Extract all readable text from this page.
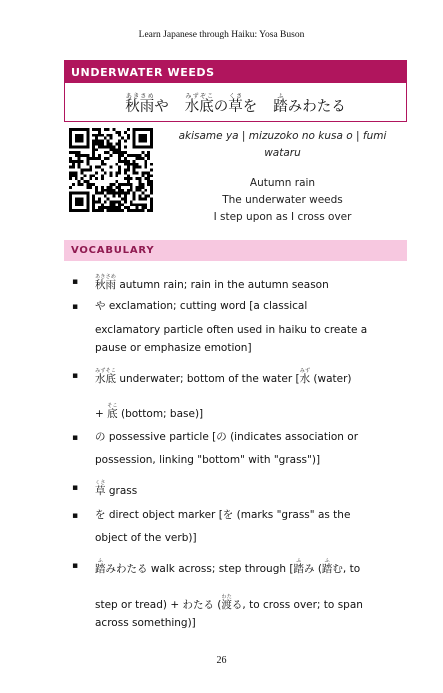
Learn Japanese through Haiku: Yosa Buson
UNDERWATER WEEDS
秋雨あきさめや 水底みずぞこの草くさを 踏ふみわたる
akisame ya | mizuzoko no kusa o | fumi
wataru
Autumn rain
The underwater weeds
I step upon as I cross over
VOCABULARY
▪ 秋雨あきさめ autumn rain; rain in the autumn season
▪ や exclamation; cutting word [a classical
exclamatory particle often used in haiku to create a
pause or emphasize emotion]
▪ 水底みずそこ underwater; bottom of the water [水みず (water)
+ 底そこ (bottom; base)]
▪ の possessive particle [の (indicates association or
possession, linking "bottom" with "grass")]
▪ 草くさ grass
▪ を direct object marker [を (marks "grass" as the
object of the verb)]
▪ 踏ふみわたる walk across; step through [踏ふみ (踏ふむ, to
step or tread) + わたる (渡わたる, to cross over; to span
across something)]
26
